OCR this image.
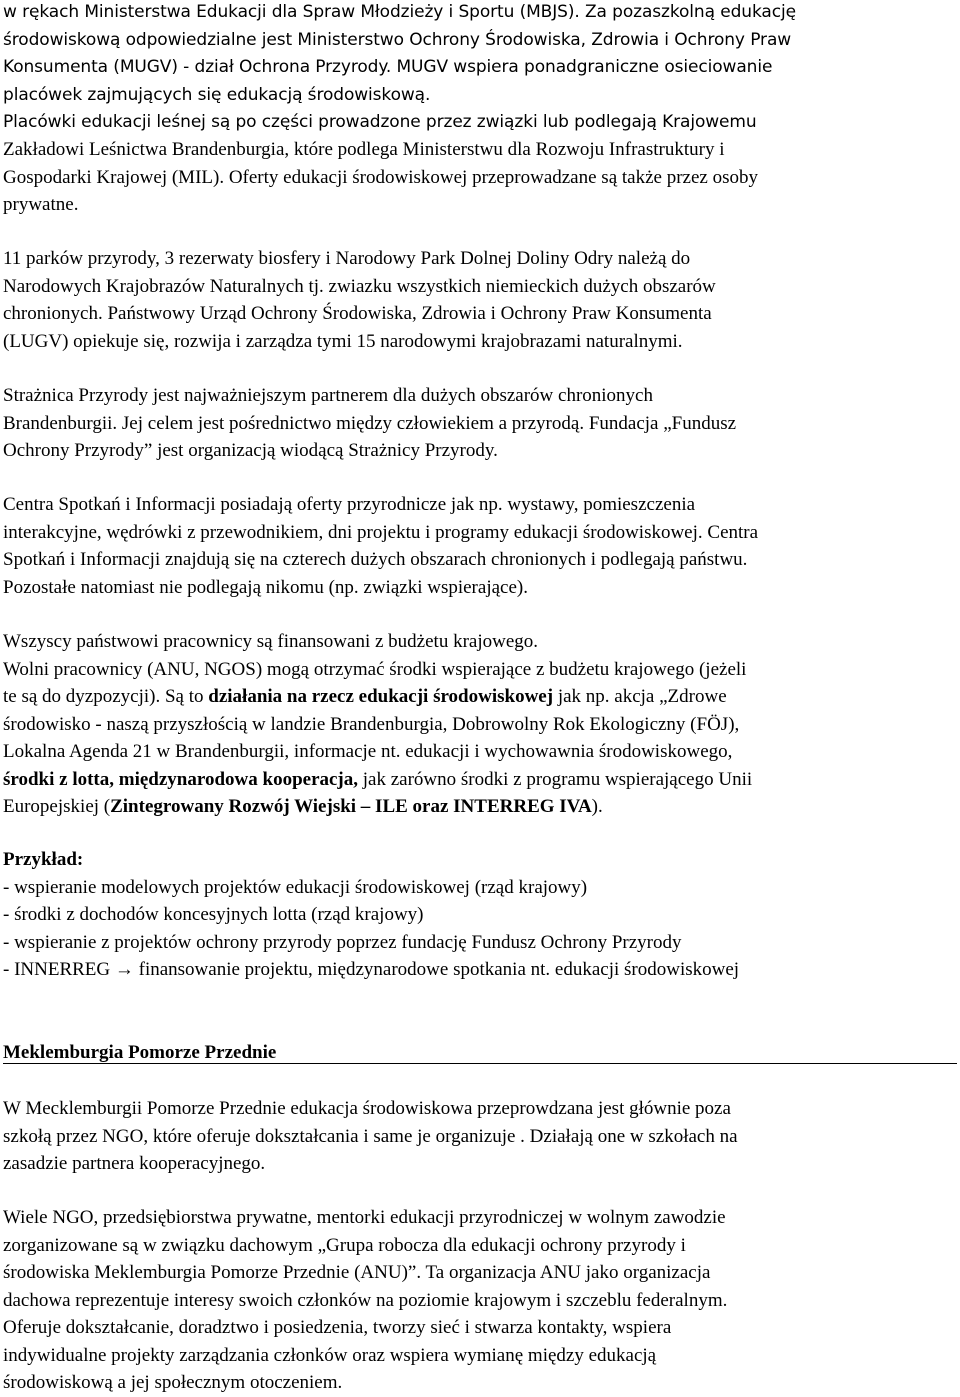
w rękach Ministerstwa Edukacji dla Spraw Młodzieży i Sportu (MBJS). Za pozaszkolną edukację
środowiskową odpowiedzialne jest Ministerstwo Ochrony Środowiska, Zdrowia i Ochrony Praw
Konsumenta (MUGV) - dział Ochrona Przyrody. MUGV wspiera ponadgraniczne osieciowanie
placówek zajmujących się edukacją środowiskową.
Placówki edukacji leśnej są po części prowadzone przez związki lub podlegają Krajowemu

Zakładowi Leśnictwa Brandenburgia, które podlega Ministerstwu dla Rozwoju Infrastruktury i
Gospodarki Krajowej (MIL). Oferty edukacji środowiskowej przeprowadzane są także przez osoby
prywatne.

11 parków przyrody, 3 rezerwaty biosfery i Narodowy Park Dolnej Doliny Odry należą do
Narodowych Krajobrazów Naturalnych tj. zwiazku wszystkich niemieckich dużych obszarów
chronionych. Państwowy Urząd Ochrony Środowiska, Zdrowia i Ochrony Praw Konsumenta
(LUGV) opiekuje się, rozwija i zarządza tymi 15 narodowymi krajobrazami naturalnymi.

Strażnica Przyrody jest najważniejszym partnerem dla dużych obszarów chronionych
Brandenburgii. Jej celem jest pośrednictwo między człowiekiem a przyrodą. Fundacja „Fundusz
Ochrony Przyrody” jest organizacją wiodącą Strażnicy Przyrody.

Centra Spotkań i Informacji posiadają oferty przyrodnicze jak np. wystawy, pomieszczenia
interakcyjne, wędrówki z przewodnikiem, dni projektu i programy edukacji środowiskowej. Centra
Spotkań i Informacji znajdują się na czterech dużych obszarach chronionych i podlegają państwu.
Pozostałe natomiast nie podlegają nikomu (np. związki wspierające).

Wszyscy państwowi pracownicy są finansowani z budżetu krajowego.
Wolni pracownicy (ANU, NGOS) mogą otrzymać środki wspierające z budżetu krajowego (jeżeli
te są do dyzpozycji). Są to działania na rzecz edukacji środowiskowej jak np. akcja „Zdrowe
środowisko - naszą przyszłością w landzie Brandenburgia, Dobrowolny Rok Ekologiczny (FÖJ),
Lokalna Agenda 21 w Brandenburgii, informacje nt. edukacji i wychowawnia środowiskowego,
środki z lotta, międzynarodowa kooperacja, jak zarówno środki z programu wspierającego Unii
Europejskiej (Zintegrowany Rozwój Wiejski – ILE oraz INTERREG IVA).

Przykład:
- wspieranie modelowych projektów edukacji środowiskowej (rząd krajowy)
- środki z dochodów koncesyjnych lotta (rząd krajowy)
- wspieranie z projektów ochrony przyrody poprzez fundację Fundusz Ochrony Przyrody
- INNERREG → finansowanie projektu, międzynarodowe spotkania nt. edukacji środowiskowej

Meklemburgia Pomorze Przednie

W Mecklemburgii Pomorze Przednie edukacja środowiskowa przeprowdzana jest głównie poza
szkołą przez NGO, które oferuje dokształcania i same je organizuje . Działają one w szkołach na
zasadzie partnera kooperacyjnego.

Wiele NGO, przedsiębiorstwa prywatne, mentorki edukacji przyrodniczej w wolnym zawodzie
zorganizowane są w związku dachowym „Grupa robocza dla edukacji ochrony przyrody i
środowiska Meklemburgia Pomorze Przednie (ANU)”. Ta organizacja ANU jako organizacja
dachowa reprezentuje interesy swoich członków na poziomie krajowym i szczeblu federalnym.
Oferuje dokształcanie, doradztwo i posiedzenia, tworzy sieć i stwarza kontakty, wspiera
indywidualne projekty zarządzania członków oraz wspiera wymianę między edukacją
środowiskową a jej społecznym otoczeniem.
